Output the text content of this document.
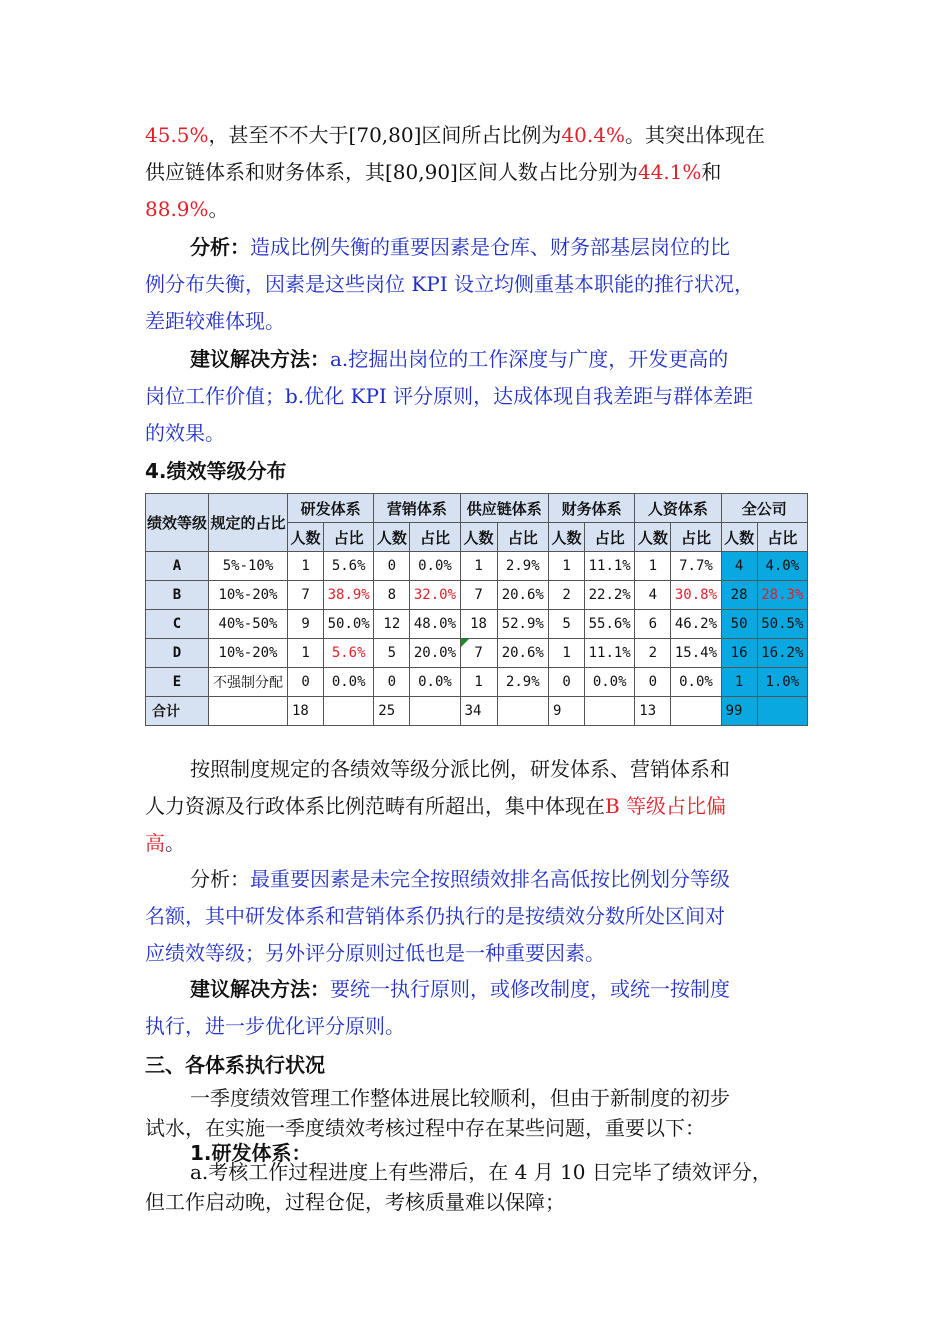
45.5%，甚至不不大于[70,80]区间所占比例为40.4%。其突出体现在
供应链体系和财务体系，其[80,90]区间人数占比分别为44.1%和
88.9%。
分析：造成比例失衡的重要因素是仓库、财务部基层岗位的比
例分布失衡，因素是这些岗位 KPI 设立均侧重基本职能的推行状况，
差距较难体现。
建议解决方法：a.挖掘出岗位的工作深度与广度，开发更高的
岗位工作价值；b.优化 KPI 评分原则，达成体现自我差距与群体差距
的效果。
4.绩效等级分布
绩效等级	规定的占比	研发体系		营销体系		供应链体系		财务体系		人资体系		全公司	
		人数	占比	人数	占比	人数	占比	人数	占比	人数	占比	人数	占比
A	5%-10%	1	5.6%	0	0.0%	1	2.9%	1	11.1%	1	7.7%	4	4.0%
B	10%-20%	7	38.9%	8	32.0%	7	20.6%	2	22.2%	4	30.8%	28	28.3%
C	40%-50%	9	50.0%	12	48.0%	18	52.9%	5	55.6%	6	46.2%	50	50.5%
D	10%-20%	1	5.6%	5	20.0%	7	20.6%	1	11.1%	2	15.4%	16	16.2%
E	不强制分配	0	0.0%	0	0.0%	1	2.9%	0	0.0%	0	0.0%	1	1.0%
合计		18		25		34		9		13		99	
按照制度规定的各绩效等级分派比例，研发体系、营销体系和
人力资源及行政体系比例范畴有所超出，集中体现在B 等级占比偏
高。
分析：最重要因素是未完全按照绩效排名高低按比例划分等级
名额，其中研发体系和营销体系仍执行的是按绩效分数所处区间对
应绩效等级；另外评分原则过低也是一种重要因素。
建议解决方法：要统一执行原则，或修改制度，或统一按制度
执行，进一步优化评分原则。
三、各体系执行状况
一季度绩效管理工作整体进展比较顺利，但由于新制度的初步
试水，在实施一季度绩效考核过程中存在某些问题，重要以下：
1.研发体系：
a.考核工作过程进度上有些滞后，在 4 月 10 日完毕了绩效评分，
但工作启动晚，过程仓促，考核质量难以保障；
